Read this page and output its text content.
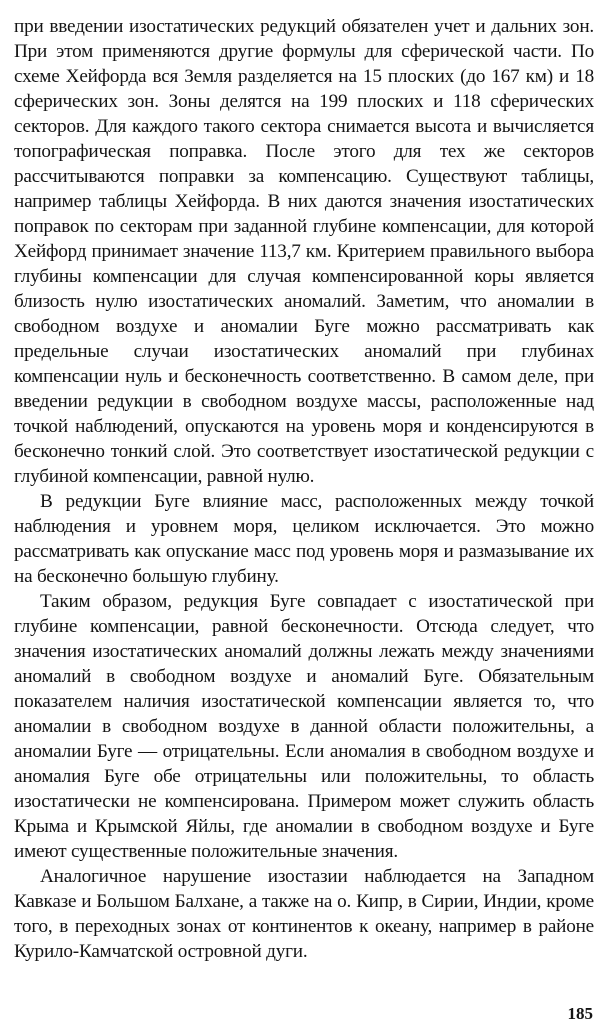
при введении изостатических редукций обязателен учет и дальних зон. При этом применяются другие формулы для сферической части. По схеме Хейфорда вся Земля разделяется на 15 плоских (до 167 км) и 18 сферических зон. Зоны делятся на 199 плоских и 118 сферических секторов. Для каждого такого сектора снимается высота и вычисляется топографическая поправка. После этого для тех же секторов рассчитываются поправки за компенсацию. Существуют таблицы, например таблицы Хейфорда. В них даются значения изостатических поправок по секторам при заданной глубине компенсации, для которой Хейфорд принимает значение 113,7 км. Критерием правильного выбора глубины компенсации для случая компенсированной коры является близость нулю изостатических аномалий. Заметим, что аномалии в свободном воздухе и аномалии Буге можно рассматривать как предельные случаи изостатических аномалий при глубинах компенсации нуль и бесконечность соответственно. В самом деле, при введении редукции в свободном воздухе массы, расположенные над точкой наблюдений, опускаются на уровень моря и конденсируются в бесконечно тонкий слой. Это соответствует изостатической редукции с глубиной компенсации, равной нулю.

В редукции Буге влияние масс, расположенных между точкой наблюдения и уровнем моря, целиком исключается. Это можно рассматривать как опускание масс под уровень моря и размазывание их на бесконечно большую глубину.

Таким образом, редукция Буге совпадает с изостатической при глубине компенсации, равной бесконечности. Отсюда следует, что значения изостатических аномалий должны лежать между значениями аномалий в свободном воздухе и аномалий Буге. Обязательным показателем наличия изостатической компенсации является то, что аномалии в свободном воздухе в данной области положительны, а аномалии Буге — отрицательны. Если аномалия в свободном воздухе и аномалия Буге обе отрицательны или положительны, то область изостатически не компенсирована. Примером может служить область Крыма и Крымской Яйлы, где аномалии в свободном воздухе и Буге имеют существенные положительные значения.

Аналогичное нарушение изостазии наблюдается на Западном Кавказе и Большом Балхане, а также на о. Кипр, в Сирии, Индии, кроме того, в переходных зонах от континентов к океану, например в районе Курило-Камчатской островной дуги.

185
